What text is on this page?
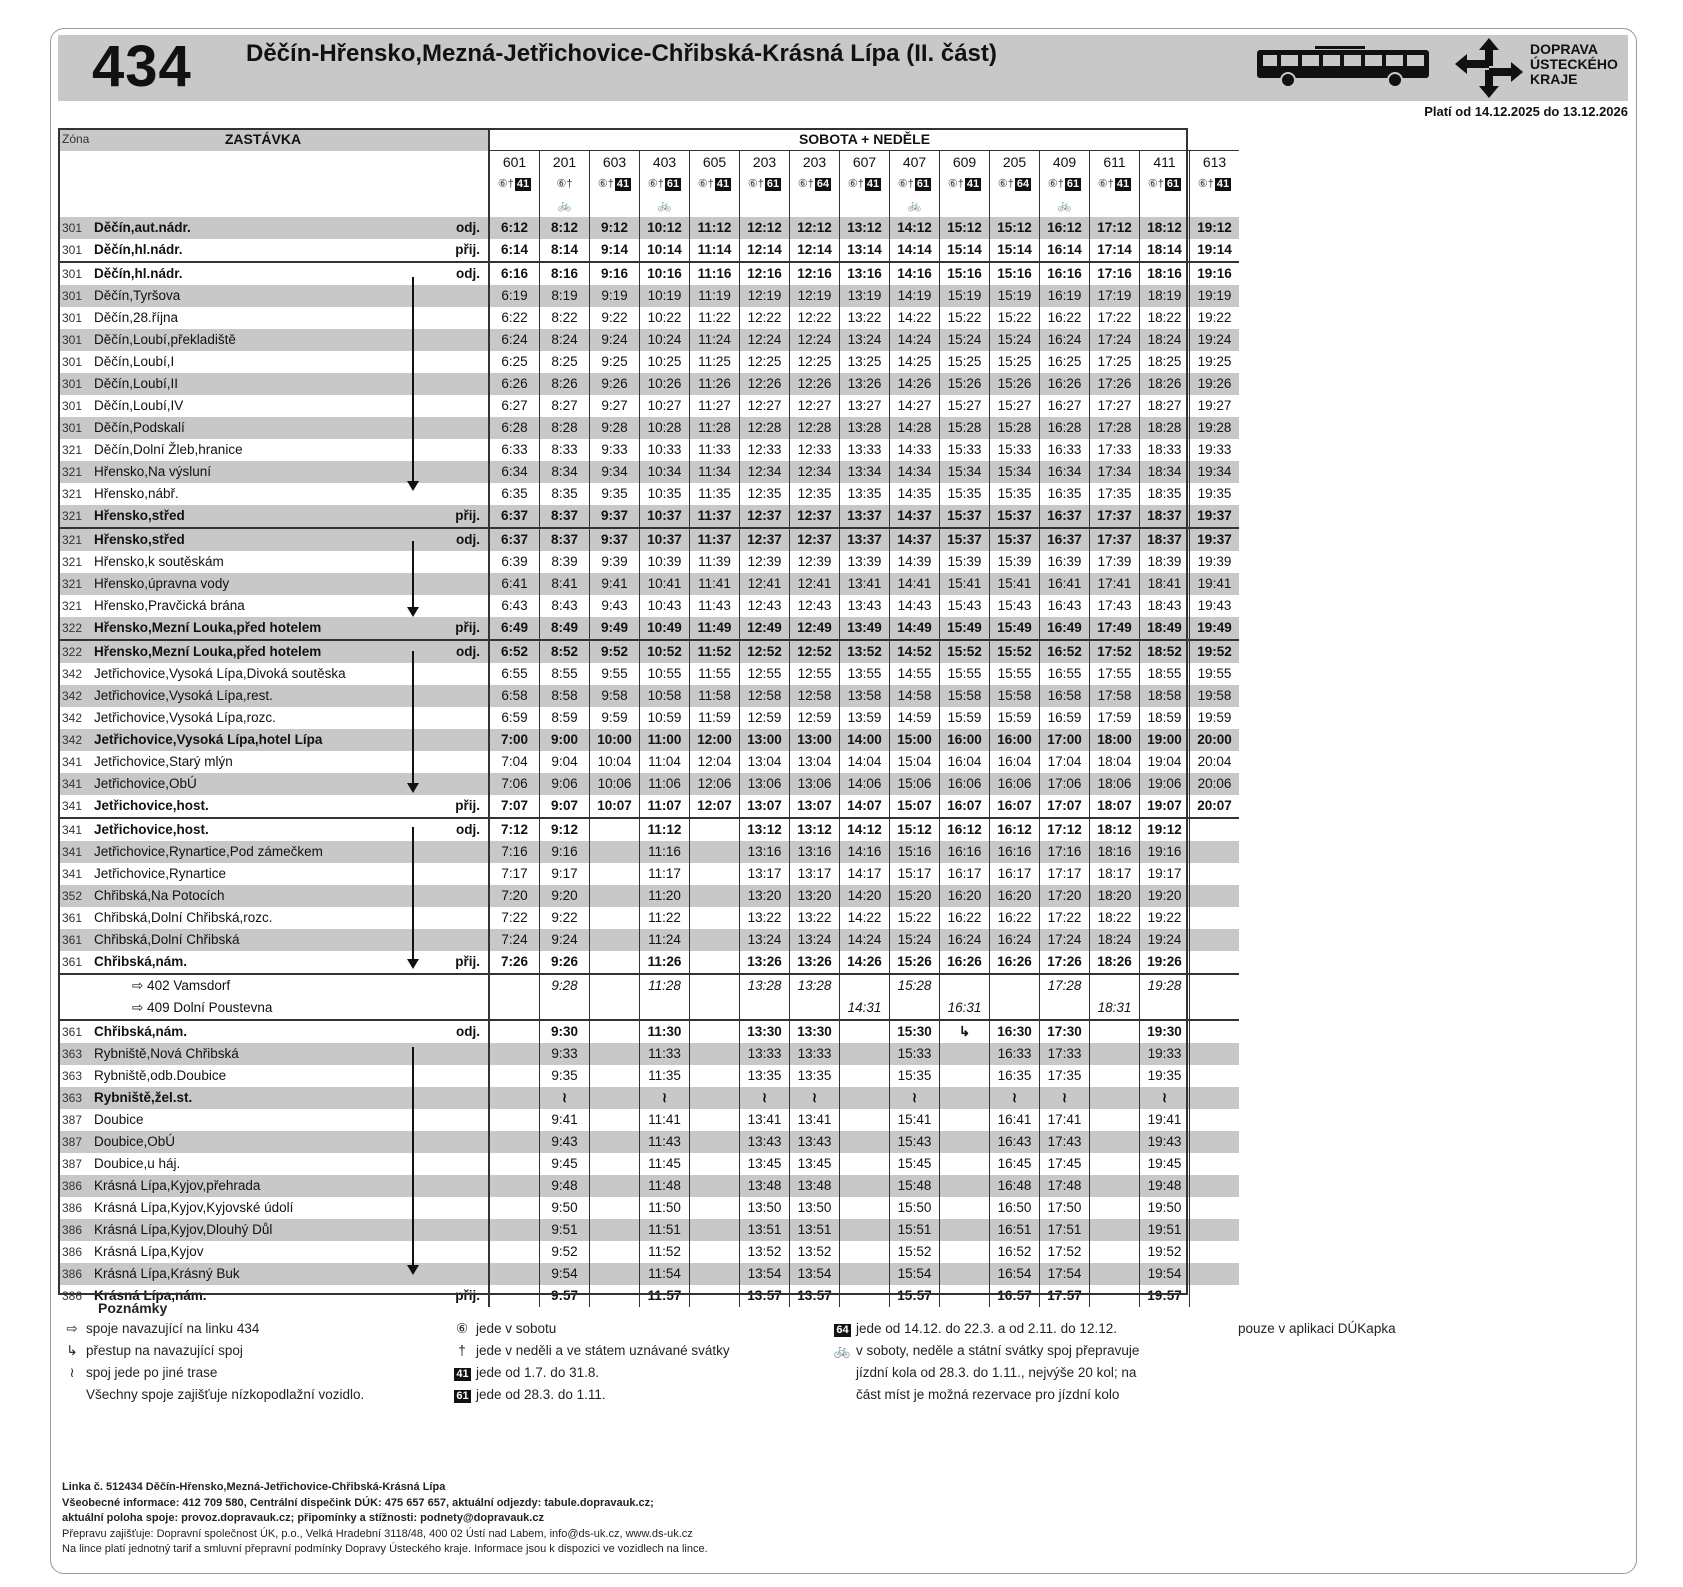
434 Děčín-Hřensko,Mezná-Jetřichovice-Chřibská-Krásná Lípa (II. část)	DOPRAVA
ÚSTECKÉHO
KRAJE
Platí od 14.12.2025 do 13.12.2026
Zóna	ZASTÁVKA		SOBOTA + NEDĚLE														
			601	201	603	403	605	203	203	607	407	609	205	409	611	411	613
			⑥† 41	⑥†	⑥† 41	⑥† 61	⑥† 41	⑥† 61	⑥† 64	⑥† 41	⑥† 61	⑥† 41	⑥† 64	⑥† 61	⑥† 41	⑥† 61	⑥† 41
				🚲		🚲					🚲			🚲			
301	Děčín,aut.nádr.	odj.	6:12	8:12	9:12	10:12	11:12	12:12	12:12	13:12	14:12	15:12	15:12	16:12	17:12	18:12	19:12
301	Děčín,hl.nádr.	přij.	6:14	8:14	9:14	10:14	11:14	12:14	12:14	13:14	14:14	15:14	15:14	16:14	17:14	18:14	19:14
301	Děčín,hl.nádr.	odj.	6:16	8:16	9:16	10:16	11:16	12:16	12:16	13:16	14:16	15:16	15:16	16:16	17:16	18:16	19:16
301	Děčín,Tyršova		6:19	8:19	9:19	10:19	11:19	12:19	12:19	13:19	14:19	15:19	15:19	16:19	17:19	18:19	19:19
301	Děčín,28.října		6:22	8:22	9:22	10:22	11:22	12:22	12:22	13:22	14:22	15:22	15:22	16:22	17:22	18:22	19:22
301	Děčín,Loubí,překladiště		6:24	8:24	9:24	10:24	11:24	12:24	12:24	13:24	14:24	15:24	15:24	16:24	17:24	18:24	19:24
301	Děčín,Loubí,I		6:25	8:25	9:25	10:25	11:25	12:25	12:25	13:25	14:25	15:25	15:25	16:25	17:25	18:25	19:25
301	Děčín,Loubí,II		6:26	8:26	9:26	10:26	11:26	12:26	12:26	13:26	14:26	15:26	15:26	16:26	17:26	18:26	19:26
301	Děčín,Loubí,IV		6:27	8:27	9:27	10:27	11:27	12:27	12:27	13:27	14:27	15:27	15:27	16:27	17:27	18:27	19:27
301	Děčín,Podskalí		6:28	8:28	9:28	10:28	11:28	12:28	12:28	13:28	14:28	15:28	15:28	16:28	17:28	18:28	19:28
321	Děčín,Dolní Žleb,hranice		6:33	8:33	9:33	10:33	11:33	12:33	12:33	13:33	14:33	15:33	15:33	16:33	17:33	18:33	19:33
321	Hřensko,Na výsluní		6:34	8:34	9:34	10:34	11:34	12:34	12:34	13:34	14:34	15:34	15:34	16:34	17:34	18:34	19:34
321	Hřensko,nábř.		6:35	8:35	9:35	10:35	11:35	12:35	12:35	13:35	14:35	15:35	15:35	16:35	17:35	18:35	19:35
321	Hřensko,střed	přij.	6:37	8:37	9:37	10:37	11:37	12:37	12:37	13:37	14:37	15:37	15:37	16:37	17:37	18:37	19:37
321	Hřensko,střed	odj.	6:37	8:37	9:37	10:37	11:37	12:37	12:37	13:37	14:37	15:37	15:37	16:37	17:37	18:37	19:37
321	Hřensko,k soutěskám		6:39	8:39	9:39	10:39	11:39	12:39	12:39	13:39	14:39	15:39	15:39	16:39	17:39	18:39	19:39
321	Hřensko,úpravna vody		6:41	8:41	9:41	10:41	11:41	12:41	12:41	13:41	14:41	15:41	15:41	16:41	17:41	18:41	19:41
321	Hřensko,Pravčická brána		6:43	8:43	9:43	10:43	11:43	12:43	12:43	13:43	14:43	15:43	15:43	16:43	17:43	18:43	19:43
322	Hřensko,Mezní Louka,před hotelem	přij.	6:49	8:49	9:49	10:49	11:49	12:49	12:49	13:49	14:49	15:49	15:49	16:49	17:49	18:49	19:49
322	Hřensko,Mezní Louka,před hotelem	odj.	6:52	8:52	9:52	10:52	11:52	12:52	12:52	13:52	14:52	15:52	15:52	16:52	17:52	18:52	19:52
342	Jetřichovice,Vysoká Lípa,Divoká soutěska		6:55	8:55	9:55	10:55	11:55	12:55	12:55	13:55	14:55	15:55	15:55	16:55	17:55	18:55	19:55
342	Jetřichovice,Vysoká Lípa,rest.		6:58	8:58	9:58	10:58	11:58	12:58	12:58	13:58	14:58	15:58	15:58	16:58	17:58	18:58	19:58
342	Jetřichovice,Vysoká Lípa,rozc.		6:59	8:59	9:59	10:59	11:59	12:59	12:59	13:59	14:59	15:59	15:59	16:59	17:59	18:59	19:59
342	Jetřichovice,Vysoká Lípa,hotel Lípa		7:00	9:00	10:00	11:00	12:00	13:00	13:00	14:00	15:00	16:00	16:00	17:00	18:00	19:00	20:00
341	Jetřichovice,Starý mlýn		7:04	9:04	10:04	11:04	12:04	13:04	13:04	14:04	15:04	16:04	16:04	17:04	18:04	19:04	20:04
341	Jetřichovice,ObÚ		7:06	9:06	10:06	11:06	12:06	13:06	13:06	14:06	15:06	16:06	16:06	17:06	18:06	19:06	20:06
341	Jetřichovice,host.	přij.	7:07	9:07	10:07	11:07	12:07	13:07	13:07	14:07	15:07	16:07	16:07	17:07	18:07	19:07	20:07
341	Jetřichovice,host.	odj.	7:12	9:12		11:12		13:12	13:12	14:12	15:12	16:12	16:12	17:12	18:12	19:12	
341	Jetřichovice,Rynartice,Pod zámečkem		7:16	9:16		11:16		13:16	13:16	14:16	15:16	16:16	16:16	17:16	18:16	19:16	
341	Jetřichovice,Rynartice		7:17	9:17		11:17		13:17	13:17	14:17	15:17	16:17	16:17	17:17	18:17	19:17	
352	Chřibská,Na Potocích		7:20	9:20		11:20		13:20	13:20	14:20	15:20	16:20	16:20	17:20	18:20	19:20	
361	Chřibská,Dolní Chřibská,rozc.		7:22	9:22		11:22		13:22	13:22	14:22	15:22	16:22	16:22	17:22	18:22	19:22	
361	Chřibská,Dolní Chřibská		7:24	9:24		11:24		13:24	13:24	14:24	15:24	16:24	16:24	17:24	18:24	19:24	
361	Chřibská,nám.	přij.	7:26	9:26		11:26		13:26	13:26	14:26	15:26	16:26	16:26	17:26	18:26	19:26	
	⇨ 402 Vamsdorf			9:28		11:28		13:28	13:28		15:28			17:28		19:28	
	⇨ 409 Dolní Poustevna									14:31		16:31			18:31		
361	Chřibská,nám.	odj.		9:30		11:30		13:30	13:30		15:30	↳	16:30	17:30		19:30	
363	Rybniště,Nová Chřibská			9:33		11:33		13:33	13:33		15:33		16:33	17:33		19:33	
363	Rybniště,odb.Doubice			9:35		11:35		13:35	13:35		15:35		16:35	17:35		19:35	
363	Rybniště,žel.st.			≀		≀		≀	≀		≀		≀	≀		≀	
387	Doubice			9:41		11:41		13:41	13:41		15:41		16:41	17:41		19:41	
387	Doubice,ObÚ			9:43		11:43		13:43	13:43		15:43		16:43	17:43		19:43	
387	Doubice,u háj.			9:45		11:45		13:45	13:45		15:45		16:45	17:45		19:45	
386	Krásná Lípa,Kyjov,přehrada			9:48		11:48		13:48	13:48		15:48		16:48	17:48		19:48	
386	Krásná Lípa,Kyjov,Kyjovské údolí			9:50		11:50		13:50	13:50		15:50		16:50	17:50		19:50	
386	Krásná Lípa,Kyjov,Dlouhý Důl			9:51		11:51		13:51	13:51		15:51		16:51	17:51		19:51	
386	Krásná Lípa,Kyjov			9:52		11:52		13:52	13:52		15:52		16:52	17:52		19:52	
386	Krásná Lípa,Krásný Buk			9:54		11:54		13:54	13:54		15:54		16:54	17:54		19:54	
386	Krásná Lípa,nám.	přij.		9:57		11:57		13:57	13:57		15:57		16:57	17:57		19:57	
Poznámky
⇨ spoje navazující na linku 434
↳ přestup na navazující spoj
≀ spoj jede po jiné trase
Všechny spoje zajišťuje nízkopodlažní vozidlo.
⑥ jede v sobotu
† jede v neděli a ve státem uznávané svátky
41 jede od 1.7. do 31.8.
61 jede od 28.3. do 1.11.
64 jede od 14.12. do 22.3. a od 2.11. do 12.12.
🚲 v soboty, neděle a státní svátky spoj přepravuje
jízdní kola od 28.3. do 1.11., nejvýše 20 kol; na
část míst je možná rezervace pro jízdní kolo
pouze v aplikaci DÚKapka
Linka č. 512434 Děčín-Hřensko,Mezná-Jetřichovice-Chřibská-Krásná Lípa
Všeobecné informace: 412 709 580, Centrální dispečink DÚK: 475 657 657, aktuální odjezdy: tabule.dopravauk.cz;
aktuální poloha spoje: provoz.dopravauk.cz; připomínky a stížnosti: podnety@dopravauk.cz
Přepravu zajišťuje: Dopravní společnost ÚK, p.o., Velká Hradební 3118/48, 400 02 Ústí nad Labem, info@ds-uk.cz, www.ds-uk.cz
Na lince platí jednotný tarif a smluvní přepravní podmínky Dopravy Ústeckého kraje. Informace jsou k dispozici ve vozidlech na lince.
